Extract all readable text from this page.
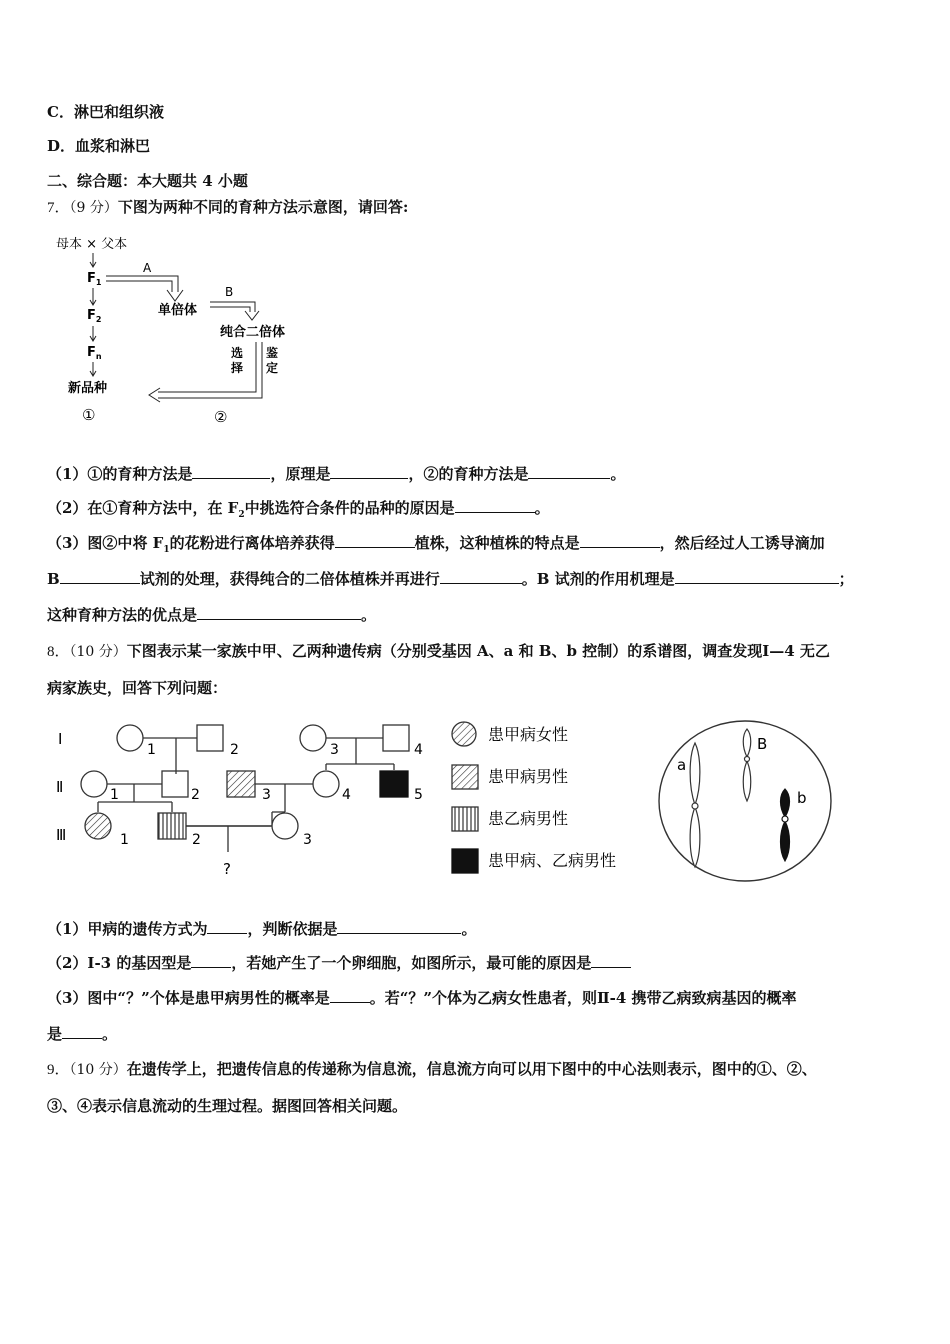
C．淋巴和组织液
D．血浆和淋巴
二、综合题：本大题共 4 小题
7．（9 分）下图为两种不同的育种方法示意图，请回答:
母本 × 父本
$F_1$
$F_2$
$F_n$
新品种
①
A
单倍体
B
纯合二倍体
选
择
鉴
定
②
（1）①的育种方法是	，原理是	，②的育种方法是	。
（2）在①育种方法中，在 $F_2$中挑选符合条件的品种的原因是	。
（3）图②中将 $F_1$的花粉进行离体培养获得	植株，这种植株的特点是	，然后经过人工诱导滴加
B	试剂的处理，获得纯合的二倍体植株并再进行	。B 试剂的作用机理是	；
这种育种方法的优点是	。
8．（10 分）下图表示某一家族中甲、乙两种遗传病（分别受基因 A、a 和 B、b 控制）的系谱图，调查发现Ⅰ—4 无乙
病家族史，回答下列问题：
Ⅰ
Ⅱ
Ⅲ
1	2	3	4
1	2	3	4	5
1	2	3
?
患甲病女性
患甲病男性
患乙病男性
患甲病、乙病男性
a
B
b
（1）甲病的遗传方式为	，判断依据是	。
（2）Ⅰ-3 的基因型是	，若她产生了一个卵细胞，如图所示，最可能的原因是
（3）图中“？”个体是患甲病男性的概率是	。若“？”个体为乙病女性患者，则Ⅱ-4 携带乙病致病基因的概率
是	。
9．（10 分）在遗传学上，把遗传信息的传递称为信息流，信息流方向可以用下图中的中心法则表示，图中的①、②、
③、④表示信息流动的生理过程。据图回答相关问题。
